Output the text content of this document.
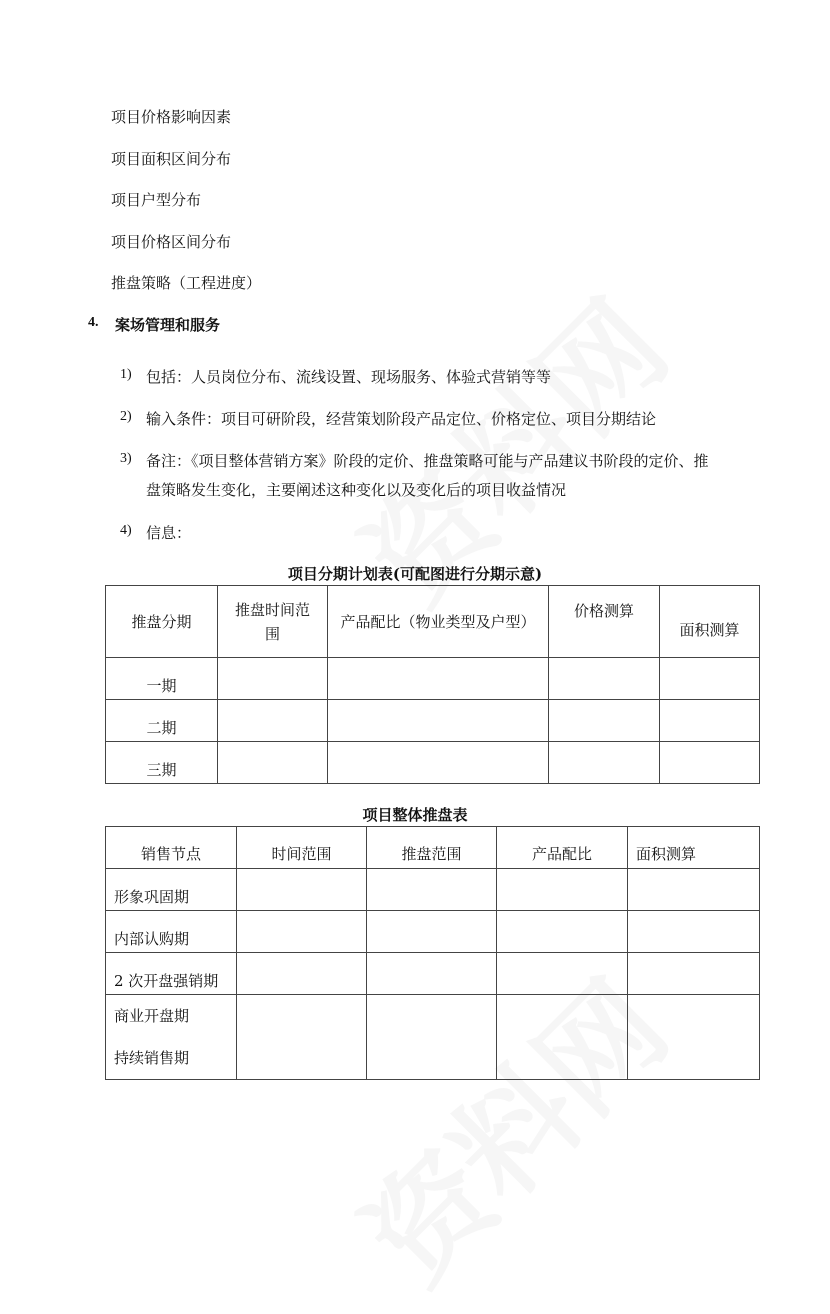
项目价格影响因素
项目面积区间分布
项目户型分布
项目价格区间分布
推盘策略（工程进度）
4. 案场管理和服务
1) 包括：人员岗位分布、流线设置、现场服务、体验式营销等等
2) 输入条件：项目可研阶段，经营策划阶段产品定位、价格定位、项目分期结论
3) 备注：《项目整体营销方案》阶段的定价、推盘策略可能与产品建议书阶段的定价、推
盘策略发生变化，主要阐述这种变化以及变化后的项目收益情况
4) 信息：
项目分期计划表(可配图进行分期示意)
推盘分期	推盘时间范围	产品配比（物业类型及户型）	价格测算	面积测算
一期				
二期				
三期				
项目整体推盘表
销售节点	时间范围	推盘范围	产品配比	面积测算
形象巩固期				
内部认购期				
2 次开盘强销期				

商业开盘期
持续销售期				
